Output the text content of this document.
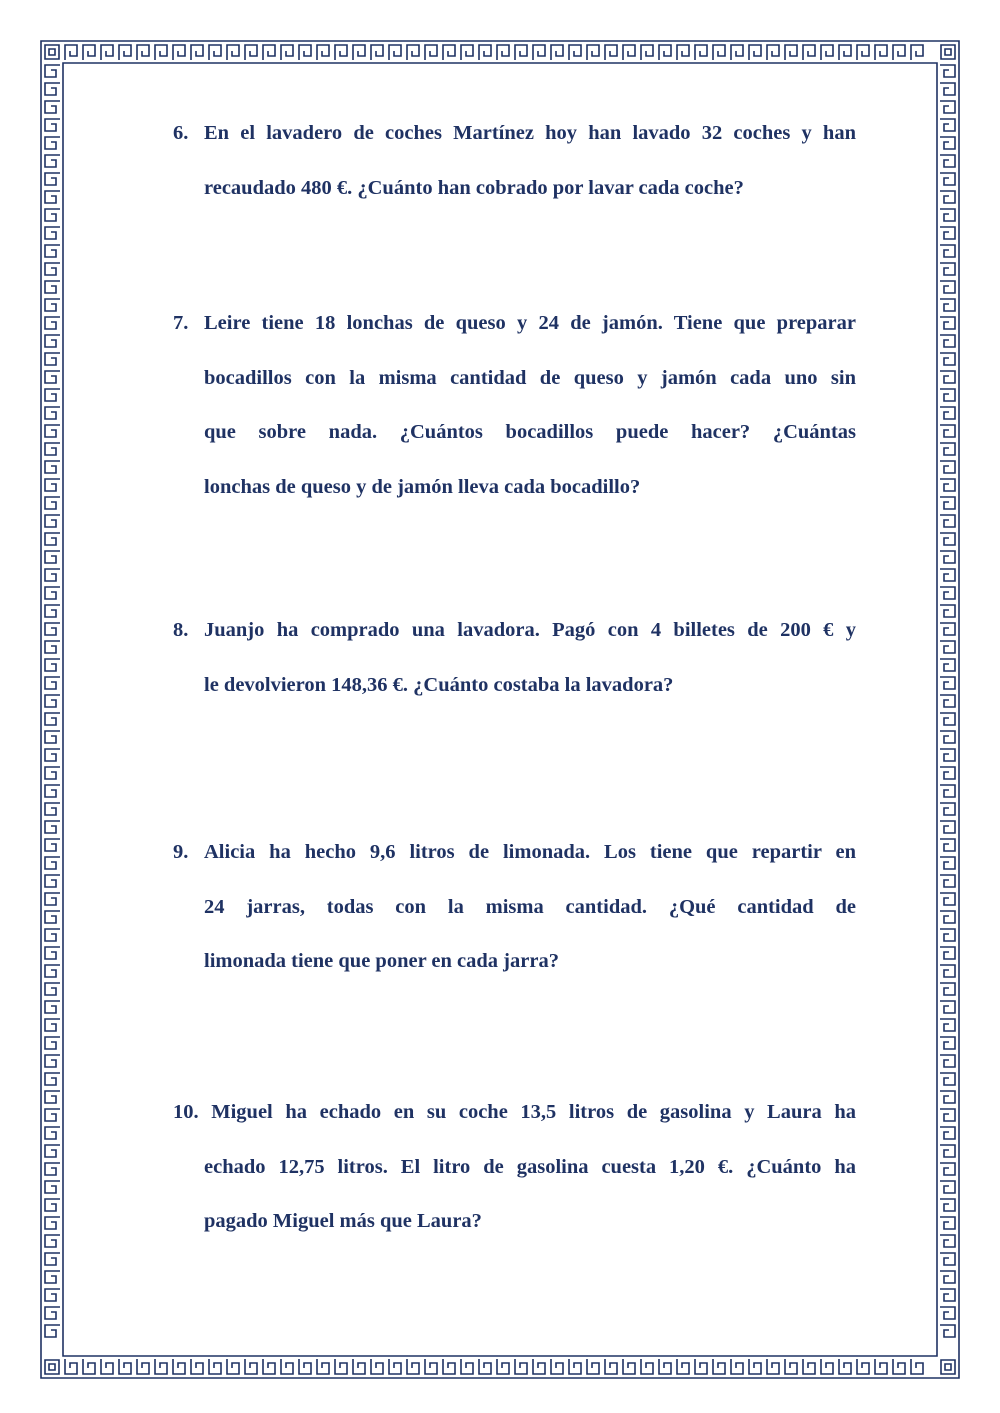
6. En el lavadero de coches Martínez hoy han lavado 32 coches y han
recaudado 480 €. ¿Cuánto han cobrado por lavar cada coche?
7. Leire tiene 18 lonchas de queso y 24 de jamón. Tiene que preparar
bocadillos con la misma cantidad de queso y jamón cada uno sin
que sobre nada. ¿Cuántos bocadillos puede hacer? ¿Cuántas
lonchas de queso y de jamón lleva cada bocadillo?
8. Juanjo ha comprado una lavadora. Pagó con 4 billetes de 200 € y
le devolvieron 148,36 €. ¿Cuánto costaba la lavadora?
9. Alicia ha hecho 9,6 litros de limonada. Los tiene que repartir en
24 jarras, todas con la misma cantidad. ¿Qué cantidad de
limonada tiene que poner en cada jarra?
10. Miguel ha echado en su coche 13,5 litros de gasolina y Laura ha
echado 12,75 litros. El litro de gasolina cuesta 1,20 €. ¿Cuánto ha
pagado Miguel más que Laura?
